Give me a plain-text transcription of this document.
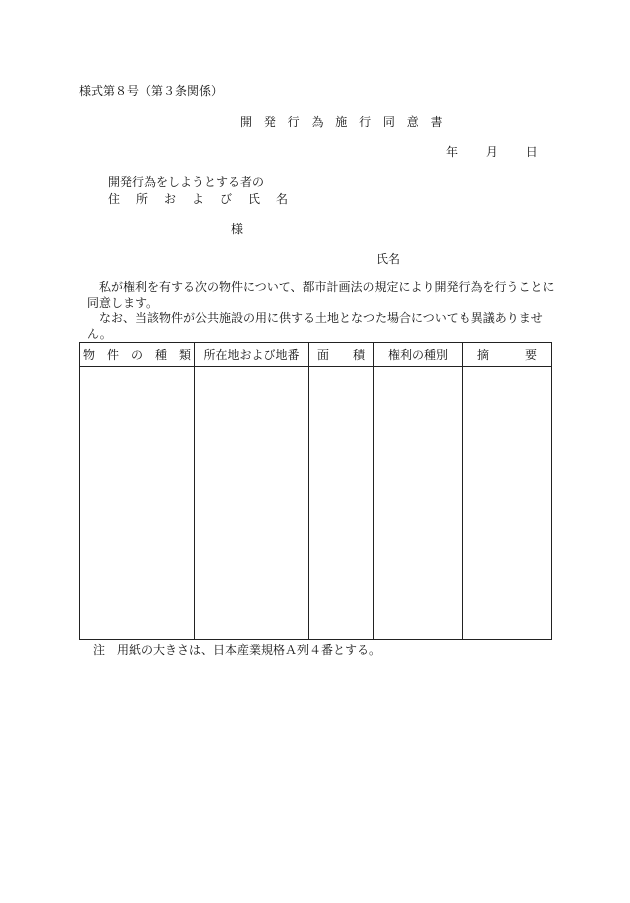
様式第８号（第３条関係）
開 発 行 為 施 行 同 意 書
年 月 日
開発行為をしようとする者の
住　所　お　よ　び　氏　名
様
氏名
私が権利を有する次の物件について、都市計画法の規定により開発行為を行うことに同意します。
なお、当該物件が公共施設の用に供する土地となつた場合についても異議ありません。
物　件　の　種　類	所在地および地番	面　　積	権利の種別	摘　　　要

注　用紙の大きさは、日本産業規格Ａ列４番とする。
